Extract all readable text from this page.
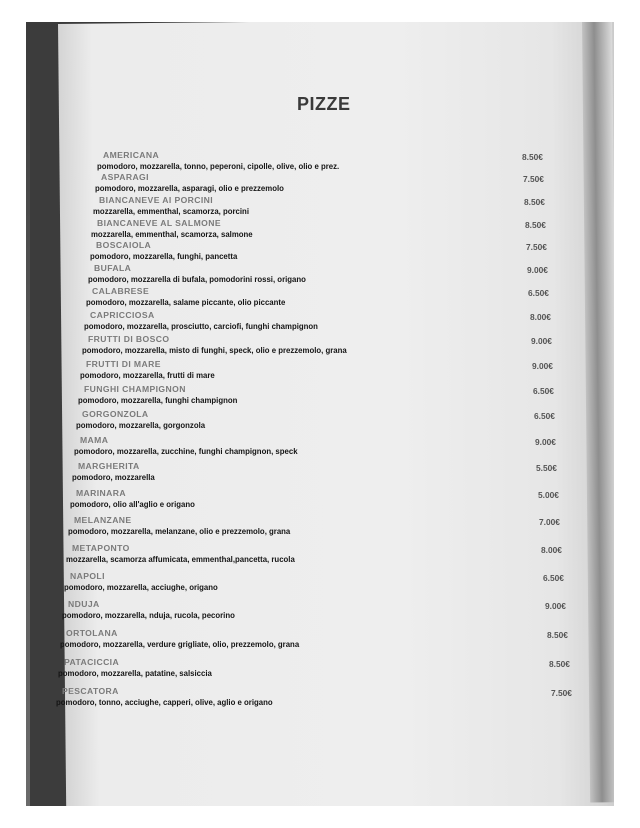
PIZZE
AMERICANA
pomodoro, mozzarella, tonno, peperoni, cipolle, olive, olio e prez.
8.50€
ASPARAGI
pomodoro, mozzarella, asparagi, olio e prezzemolo
7.50€
BIANCANEVE AI PORCINI
mozzarella, emmenthal, scamorza, porcini
8.50€
BIANCANEVE AL SALMONE
mozzarella, emmenthal, scamorza, salmone
8.50€
BOSCAIOLA
pomodoro, mozzarella, funghi, pancetta
7.50€
BUFALA
pomodoro, mozzarella di bufala, pomodorini rossi, origano
9.00€
CALABRESE
pomodoro, mozzarella, salame piccante, olio piccante
6.50€
CAPRICCIOSA
pomodoro, mozzarella, prosciutto, carciofi, funghi champignon
8.00€
FRUTTI DI BOSCO
pomodoro, mozzarella, misto di funghi, speck, olio e prezzemolo, grana
9.00€
FRUTTI DI MARE
pomodoro, mozzarella, frutti di mare
9.00€
FUNGHI CHAMPIGNON
pomodoro, mozzarella, funghi champignon
6.50€
GORGONZOLA
pomodoro, mozzarella, gorgonzola
6.50€
MAMA
pomodoro, mozzarella, zucchine, funghi champignon, speck
9.00€
MARGHERITA
pomodoro, mozzarella
5.50€
MARINARA
pomodoro, olio all'aglio e origano
5.00€
MELANZANE
pomodoro, mozzarella, melanzane, olio e prezzemolo, grana
7.00€
METAPONTO
mozzarella, scamorza affumicata, emmenthal,pancetta, rucola
8.00€
NAPOLI
pomodoro, mozzarella, acciughe, origano
6.50€
NDUJA
pomodoro, mozzarella, nduja, rucola, pecorino
9.00€
ORTOLANA
pomodoro, mozzarella, verdure grigliate, olio, prezzemolo, grana
8.50€
PATACICCIA
pomodoro, mozzarella, patatine, salsiccia
8.50€
PESCATORA
pomodoro, tonno, acciughe, capperi, olive, aglio e origano
7.50€
